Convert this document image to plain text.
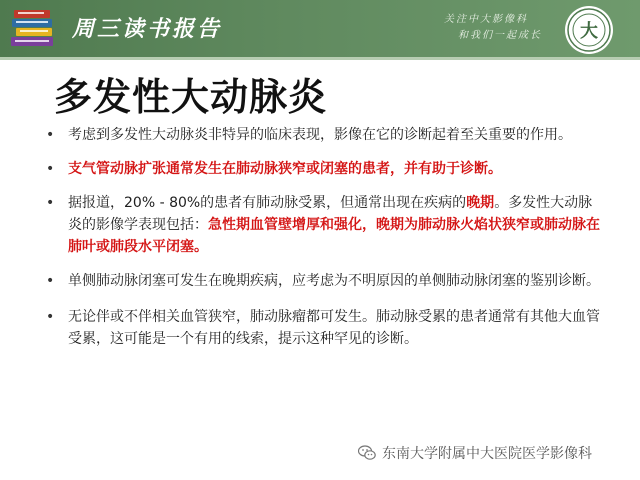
周三读书报告	关注中大影像科
和我们一起成长	大
多发性大动脉炎
• 考虑到多发性大动脉炎非特异的临床表现，影像在它的诊断起着至关重要的作用。
• 支气管动脉扩张通常发生在肺动脉狭窄或闭塞的患者，并有助于诊断。
• 据报道，20% - 80%的患者有肺动脉受累，但通常出现在疾病的晚期。多发性大动脉炎的影像学表现包括：急性期血管壁增厚和强化，晚期为肺动脉火焰状狭窄或肺动脉在肺叶或肺段水平闭塞。
• 单侧肺动脉闭塞可发生在晚期疾病，应考虑为不明原因的单侧肺动脉闭塞的鉴别诊断。
• 无论伴或不伴相关血管狭窄，肺动脉瘤都可发生。肺动脉受累的患者通常有其他大血管受累，这可能是一个有用的线索，提示这种罕见的诊断。
东南大学附属中大医院医学影像科
